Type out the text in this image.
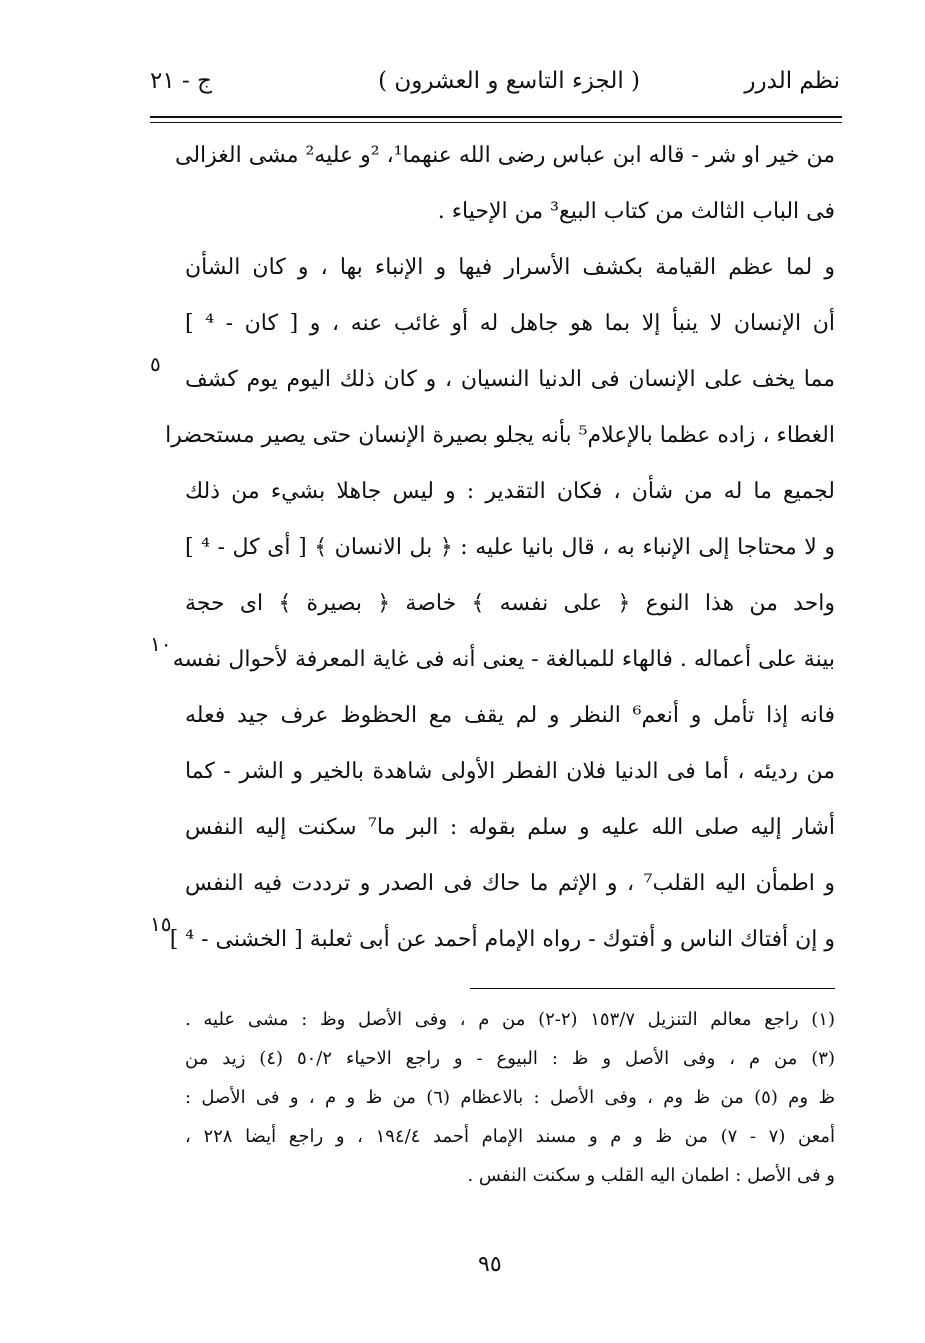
نظم الدرر
( الجزء التاسع و العشرون )
ج - ٢١
من خير او شر - قاله ابن عباس رضى الله عنهما¹، ²و عليه² مشى الغزالى
فى الباب الثالث من كتاب البيع³ من الإحياء .
و لما عظم القيامة بكشف الأسرار فيها و الإنباء بها ، و كان الشأن
أن الإنسان لا ينبأ إلا بما هو جاهل له أو غائب عنه ، و [ كان - ⁴ ]
مما يخف على الإنسان فى الدنيا النسيان ، و كان ذلك اليوم يوم كشف
الغطاء ، زاده عظما بالإعلام⁵ بأنه يجلو بصيرة الإنسان حتى يصير مستحضرا
لجميع ما له من شأن ، فكان التقدير : و ليس جاهلا بشيء من ذلك
و لا محتاجا إلى الإنباء به ، قال بانيا عليه : ﴿ بل الانسان ﴾ [ أى كل - ⁴ ]
واحد من هذا النوع ﴿ على نفسه ﴾ خاصة ﴿ بصيرة ﴾ اى حجة
بينة على أعماله . فالهاء للمبالغة - يعنى أنه فى غاية المعرفة لأحوال نفسه
فانه إذا تأمل و أنعم⁶ النظر و لم يقف مع الحظوظ عرف جيد فعله
من رديئه ، أما فى الدنيا فلان الفطر الأولى شاهدة بالخير و الشر - كما
أشار إليه صلى الله عليه و سلم بقوله : البر ما⁷ سكنت إليه النفس
و اطمأن اليه القلب⁷ ، و الإثم ما حاك فى الصدر و ترددت فيه النفس
و إن أفتاك الناس و أفتوك - رواه الإمام أحمد عن أبى ثعلبة [ الخشنى - ⁴ ]
٥
١٠
١٥
(١) راجع معالم التنزيل ١٥٣/٧ (٢-٢) من م ، وفى الأصل وظ : مشى عليه .
(٣) من م ، وفى الأصل و ظ : البيوع - و راجع الاحياء ٥٠/٢ (٤) زيد من
ظ وم (٥) من ظ وم ، وفى الأصل : بالاعظام (٦) من ظ و م ، و فى الأصل :
أمعن (٧ - ٧) من ظ و م و مسند الإمام أحمد ١٩٤/٤ ، و راجع أيضا ٢٢٨ ،
و فى الأصل : اطمان اليه القلب و سكنت النفس .
٩٥
